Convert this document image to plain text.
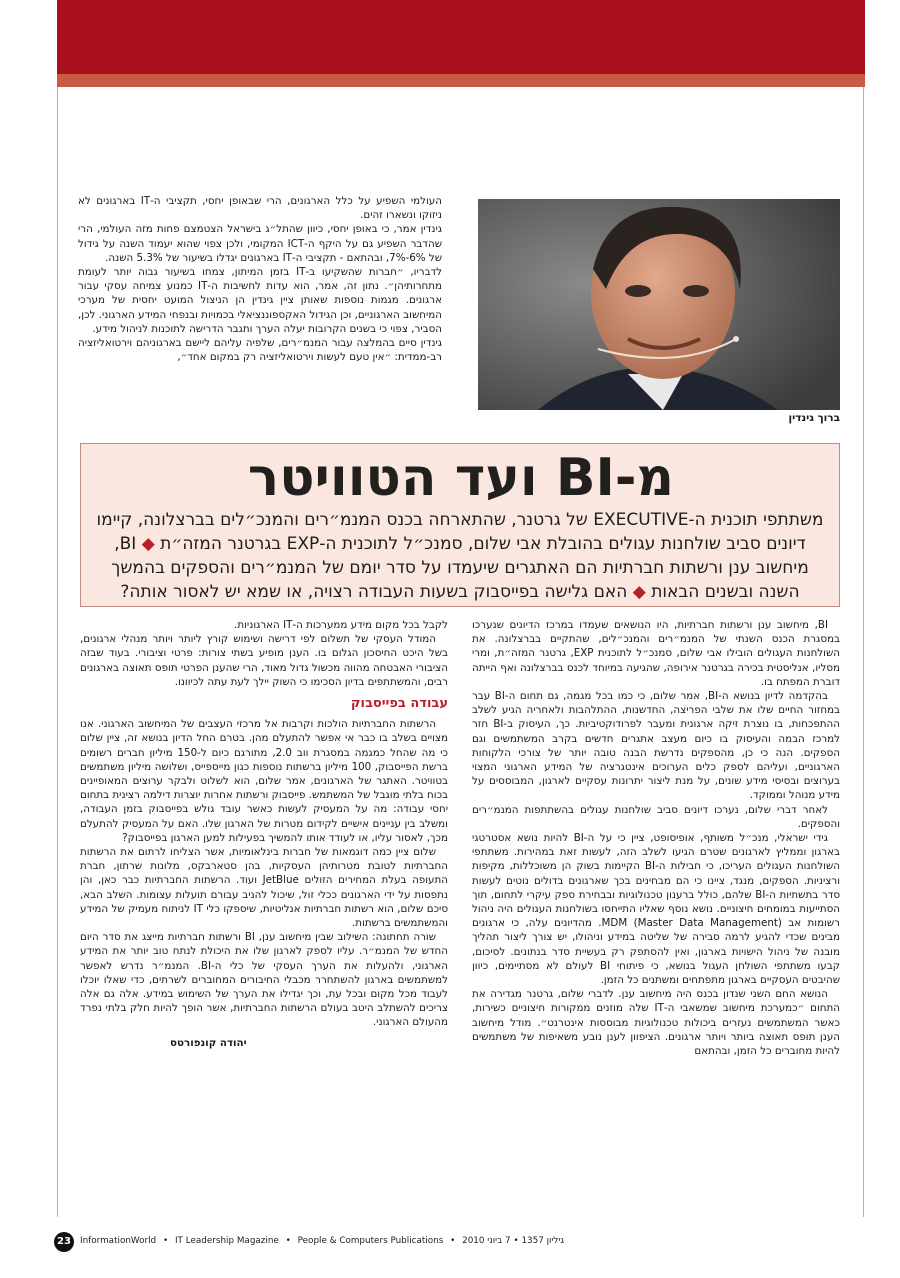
העולמי השפיע על כלל הארגונים, הרי שבאופן יחסי, תקציבי ה-IT בארגונים לא ניזוקו ונשארו זהים.

גינדין אמר, כי באופן יחסי, כיוון שהתל״ג בישראל הצטמצם פחות מזה העולמי, הרי שהדבר השפיע גם על היקף ה-ICT המקומי, ולכן צפוי שהוא יעמוד השנה על גידול של 6%-7%, ובהתאם - תקציבי ה-IT בארגונים יגדלו בשיעור של 5.3% השנה.

לדבריו, ״חברות שהשקיעו ב-IT בזמן המיתון, צמחו בשיעור גבוה יותר לעומת מתחרותיהן״. נתון זה, אמר, הוא עדות לחשיבות ה-IT כמנוע צמיחה עסקי עבור ארגונים. מגמות נוספות שאותן ציין גינדין הן הניצול המועט יחסית של מערכי המיחשוב הארגוניים, וכן הגידול האקספוננציאלי בכמויות ובנפחי המידע הארגוני. לכן, הסביר, צפוי כי בשנים הקרובות יעלה הערך ותגבר הדרישה לתוכנות לניהול מידע.

גינדין סיים בהמלצה עבור המנמ״רים, שלפיה עליהם ליישם בארגוניהם וירטואליזציה רב-ממדית: ״אין טעם לעשות וירטואליזציה רק במקום אחד״,

ברוך גינדין
מ-BI ועד הטוויטר
משתתפי תוכנית ה-EXECUTIVE של גרטנר, שהתארחה בכנס המנמ״רים והמנכ״לים בברצלונה, קיימו דיונים סביב שולחנות עגולים בהובלת אבי שלום, סמנכ״ל לתוכנית ה-EXP בגרטנר המזה״ת ◆ BI, מיחשוב ענן ורשתות חברתיות הם האתגרים שיעמדו על סדר יומם של המנמ״רים והספקים בהמשך השנה ובשנים הבאות ◆ האם גלישה בפייסבוק בשעות העבודה רצויה, או שמא יש לאסור אותה?

BI, מיחשוב ענן ורשתות חברתיות, היו הנושאים שעמדו במרכז הדיונים שנערכו במסגרת הכנס השנתי של המנמ״רים והמנכ״לים, שהתקיים בברצלונה. את השולחנות העגולים הובילו אבי שלום, סמנכ״ל לתוכנית EXP, גרטנר המזה״ת, ומרי מסליו, אנליסטית בכירה בגרטנר אירופה, שהגיעה במיוחד לכנס בברצלונה ואף הייתה דוברת המפתח בו.

בהקדמה לדיון בנושא ה-BI, אמר שלום, כי כמו בכל מגמה, גם תחום ה-BI עבר במחזור החיים שלו את שלבי הפריצה, החדשנות, ההתלהבות ולאחריה הגיע לשלב ההתפכחות, בו נוצרת זיקה ארגונית ומעבר לפרודוקטיביות. כך, העיסוק ב-BI חזר למרכז הבמה והעיסוק בו כיום מעצב אתגרים חדשים בקרב המשתמשים וגם הספקים. הנה כי כן, מהספקים נדרשת הבנה טובה יותר של צורכי הלקוחות הארגוניים, ועליהם לספק כלים הערוכים אינטגרציה של המידע הארגוני המצוי בערוצים ובסיסי מידע שונים, על מנת ליצור יתרונות עסקיים לארגון, המבוססים על מידע מנוהל וממוקד.

לאחר דברי שלום, נערכו דיונים סביב שולחנות עגולים בהשתתפות המנמ״רים והספקים.

גידי ישראלי, מנכ״ל משותף, אופיסופט, ציין כי על ה-BI להיות נושא אסטרטגי בארגון וממליץ לארגונים שטרם הגיעו לשלב הזה, לעשות זאת במהירות. משתתפי השולחנות העגולים העריכו, כי חבילות ה-BI הקיימות בשוק הן משוכללות, מקיפות ורציניות. הספקים, מנגד, ציינו כי הם מבחינים בכך שארגונים בדולים נוטים לעשות סדר בתשתיות ה-BI שלהם, כולל ברענון טכנולוגיות ובבחירת ספק עיקרי לתחום, תוך הסתייעות במומחים חיצוניים. נושא נוסף שאליו התייחסו בשולחנות העגולים היה ניהול רשומות אב MDM (Master Data Management). מהדיונים עלה, כי ארגונים מבינים שכדי להגיע לרמה סבירה של שליטה במידע וניהולו, יש צורך ליצור תהליך מובנה של ניהול הישויות בארגון, ואין להסתפק רק בעשיית סדר בנתונים. לסיכום, קבעו משתתפי השולחן העגול בנושא, כי פיתוחי BI לעולם לא מסתיימים, כיוון שהיבטים העסקיים בארגון מתפתחים ומשתנים כל הזמן.

הנושא החם השני שנדון בכנס היה מיחשוב ענן. לדברי שלום, גרטנר מגדירה את התחום ״כמערכת מיחשוב שמשאבי ה-IT שלה מוזנים ממקורות חיצוניים כשירות, כאשר המשתמשים נעזרים ביכולות טכנולוגיות מבוססות אינטרנט״. מודל מיחשוב הענן תופס תאוצה ביותר ויותר ארגונים. הציפוון לענן נובע משאיפות של משתמשים להיות מחוברים כל הזמן, ובהתאם

לקבל בכל מקום מידע ממערכות ה-IT הארגוניות.

המודל העסקי של תשלום לפי דרישה ושימוש קורץ ליותר ויותר מנהלי ארגונים, בשל היכט החיסכון הגלום בו. הענן מופיע בשתי צורות: פרטי וציבורי. בעוד שבזה הציבורי האבטחה מהווה מכשול גדול מאוד, הרי שהענן הפרטי תופס תאוצה בארגונים רבים, והמשתתפים בדיון הסכימו כי השוק יילך לעת עתה לכיוונו.

עבודה בפייסבוק

הרשתות החברתיות הולכות וקרבות אל מרכזי העצבים של המיחשוב הארגוני. אנו מצויים בשלב בו כבר אי אפשר להתעלם מהן. בטרם החל הדיון בנושא זה, ציין שלום כי מה שהחל כמגמה במסגרת ווב 2.0, מתורגם כיום ל-150 מיליון חברים רשומים ברשת הפייסבוק, 100 מיליון ברשתות נוספות כגון מייספייס, ושלושה מיליון משתמשים בטוויטר. האתגר של הארגונים, אמר שלום, הוא לשלוט ולבקר ערוצים המאופיינים בכוח בלתי מוגבל של המשתמש. פייסבוק ורשתות אחרות יוצרות דילמה רצינית בתחום יחסי עבודה: מה על המעסיק לעשות כאשר עובד גולש בפייסבוק בזמן העבודה, ומשלב בין עניינים אישיים לקידום מטרות של הארגון שלו. האם על המעסיק להתעלם מכך, לאסור עליו, או לעודד אותו להמשיך בפעילות למען הארגון בפייסבוק?

שלום ציין כמה דוגמאות של חברות בינלאומיות, אשר הצליחו לרתום את הרשתות החברתיות לטובת מטרותיהן העסקיות, בהן סטארבקס, מלונות שרתון, חברת התעופה בעלת המחירים הזולים JetBlue ועוד. הרשתות החברתיות כבר כאן, והן נתפסות על ידי הארגונים ככלי זול, שיכול להניב עבורם תועלות עצומות. השלב הבא, סיכם שלום, הוא רשתות חברתיות אנליטיות, שיספקו כלי IT לניתוח מעמיק של המידע והמשתמשים ברשתות.

שורה תחתונה: השילוב שבין מיחשוב ענן, BI ורשתות חברתיות מייצג את סדר היום החדש של המנמ״ר. עליו לספק לארגון שלו את היכולת לנתח טוב יותר את המידע הארגוני, ולהעלות את הערך העסקי של כלי ה-BI. המנמ״ר נדרש לאפשר למשתמשים בארגון להשתחרר מכבלי החיבורים המחוברים לשרתים, כדי שאלו יוכלו לעבוד מכל מקום ובכל עת, וכך יגדילו את הערך של השימוש במידע. אלה גם אלה צריכים להשתלב היטב בעולם הרשתות החברתיות, אשר הופך להיות חלק בלתי נפרד מהעולם הארגוני.

יהודה קונפורטס
23	InformationWorld • IT Leadership Magazine • People & Computers Publications • גיליון 1357 • 7 ביוני 2010
